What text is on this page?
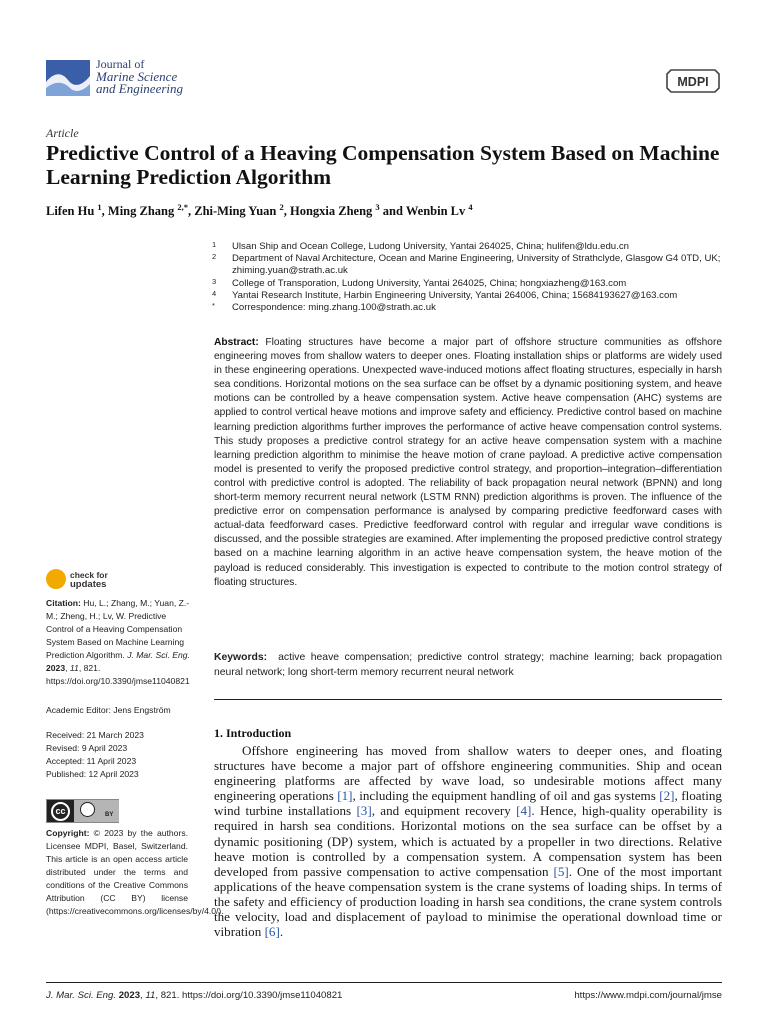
Journal of
Marine Science
and Engineering	MDPI
Article
Predictive Control of a Heaving Compensation System Based on Machine Learning Prediction Algorithm
Lifen Hu $^1$, Ming Zhang $^{2,*}$, Zhi-Ming Yuan $^2$, Hongxia Zheng $^3$ and Wenbin Lv $^4$
1 Ulsan Ship and Ocean College, Ludong University, Yantai 264025, China; hulifen@ldu.edu.cn
2 Department of Naval Architecture, Ocean and Marine Engineering, University of Strathclyde, Glasgow G4 0TD, UK; zhiming.yuan@strath.ac.uk
3 College of Transporation, Ludong University, Yantai 264025, China; hongxiazheng@163.com
4 Yantai Research Institute, Harbin Engineering University, Yantai 264006, China; 15684193627@163.com
* Correspondence: ming.zhang.100@strath.ac.uk
Abstract: Floating structures have become a major part of offshore structure communities as offshore engineering moves from shallow waters to deeper ones. Floating installation ships or platforms are widely used in these engineering operations. Unexpected wave-induced motions affect floating structures, especially in harsh sea conditions. Horizontal motions on the sea surface can be offset by a dynamic positioning system, and heave motions can be controlled by a heave compensation system. Active heave compensation (AHC) systems are applied to control vertical heave motions and improve safety and efficiency. Predictive control based on machine learning prediction algorithms further improves the performance of active heave compensation control systems. This study proposes a predictive control strategy for an active heave compensation system with a machine learning prediction algorithm to minimise the heave motion of crane payload. A predictive active compensation model is presented to verify the proposed predictive control strategy, and proportion–integration–differentiation control with predictive control is adopted. The reliability of back propagation neural network (BPNN) and long short-term memory recurrent neural network (LSTM RNN) prediction algorithms is proven. The influence of the predictive error on compensation performance is analysed by comparing predictive feedforward cases with actual-data feedforward cases. Predictive feedforward control with regular and irregular wave conditions is discussed, and the possible strategies are examined. After implementing the proposed predictive control strategy based on a machine learning algorithm in an active heave compensation system, the heave motion of the payload is reduced considerably. This investigation is expected to contribute to the motion control strategy of floating structures.
Keywords: active heave compensation; predictive control strategy; machine learning; back propagation neural network; long short-term memory recurrent neural network
check for
updates
Citation: Hu, L.; Zhang, M.; Yuan, Z.-M.; Zheng, H.; Lv, W. Predictive Control of a Heaving Compensation System Based on Machine Learning Prediction Algorithm. J. Mar. Sci. Eng. 2023, 11, 821. https://doi.org/10.3390/jmse11040821
Academic Editor: Jens Engström
Received: 21 March 2023
Revised: 9 April 2023
Accepted: 11 April 2023
Published: 12 April 2023
cc	BY
Copyright: © 2023 by the authors. Licensee MDPI, Basel, Switzerland. This article is an open access article distributed under the terms and conditions of the Creative Commons Attribution (CC BY) license (https://creativecommons.org/licenses/by/4.0/).
1. Introduction
Offshore engineering has moved from shallow waters to deeper ones, and floating structures have become a major part of offshore engineering communities. Ship and ocean engineering platforms are affected by wave load, so undesirable motions affect many engineering operations [1], including the equipment handling of oil and gas systems [2], floating wind turbine installations [3], and equipment recovery [4]. Hence, high-quality operability is required in harsh sea conditions. Horizontal motions on the sea surface can be offset by a dynamic positioning (DP) system, which is actuated by a propeller in two directions. Relative heave motion is controlled by a compensation system. A compensation system has been developed from passive compensation to active compensation [5]. One of the most important applications of the heave compensation system is the crane systems of loading ships. In terms of the safety and efficiency of production loading in harsh sea conditions, the crane system controls the velocity, load and displacement of payload to minimise the operational download time or vibration [6].
J. Mar. Sci. Eng. 2023, 11, 821. https://doi.org/10.3390/jmse11040821	https://www.mdpi.com/journal/jmse
